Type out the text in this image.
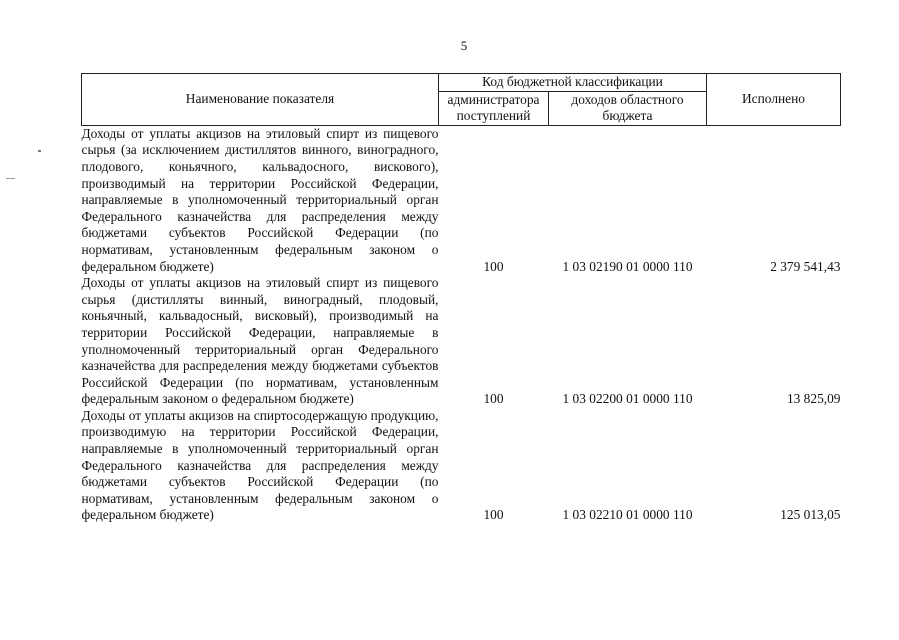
5
Наименование показателя	Код бюджетной классификации		Исполнено
	администратора поступлений	доходов областного бюджета	
Доходы от уплаты акцизов на этиловый спирт из пищевого сырья (за исключением дистиллятов винного, виноградного, плодового, коньячного, кальвадосного, вискового), производимый на территории Российской Федерации, направляемые в уполномоченный территориальный орган Федерального казначейства для распределения между бюджетами субъектов Российской Федерации (по нормативам, установленным федеральным законом о федеральном бюджете)	100	1 03 02190 01 0000 110	2 379 541,43
Доходы от уплаты акцизов на этиловый спирт из пищевого сырья (дистилляты винный, виноградный, плодовый, коньячный, кальвадосный, висковый), производимый на территории Российской Федерации, направляемые в уполномоченный территориальный орган Федерального казначейства для распределения между бюджетами субъектов Российской Федерации (по нормативам, установленным федеральным законом о федеральном бюджете)	100	1 03 02200 01 0000 110	13 825,09
Доходы от уплаты акцизов на спиртосодержащую продукцию, производимую на территории Российской Федерации, направляемые в уполномоченный территориальный орган Федерального казначейства для распределения между бюджетами субъектов Российской Федерации (по нормативам, установленным федеральным законом о федеральном бюджете)	100	1 03 02210 01 0000 110	125 013,05
